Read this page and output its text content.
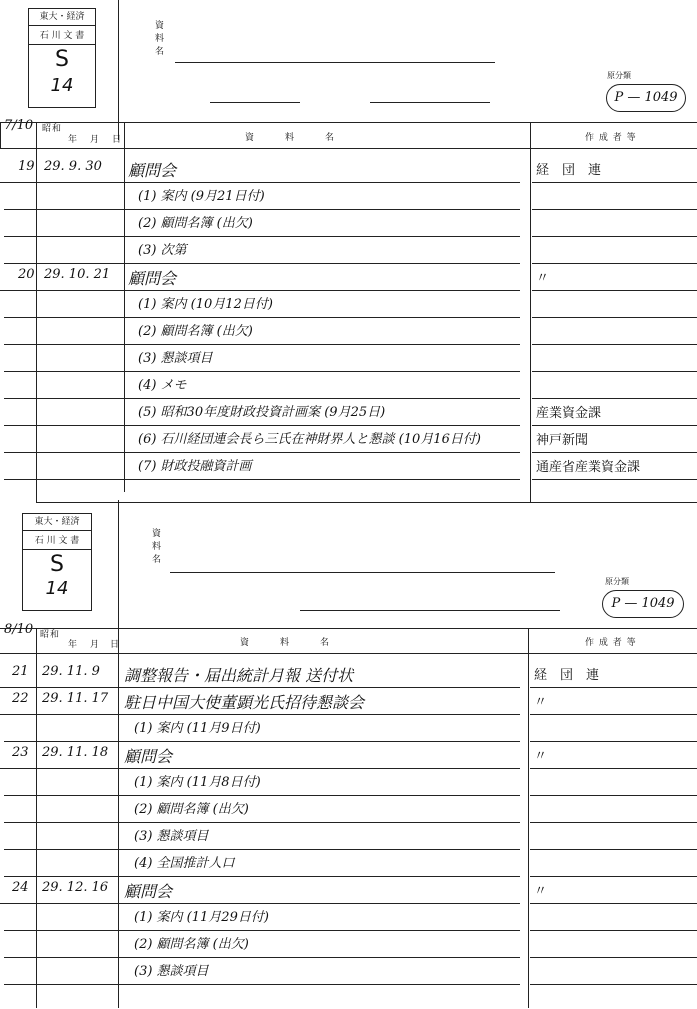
東大・経済
石 川 文 書
S
14
資
料
名
原分類
P — 1049
7/10 昭和
年 月 日	資　　　料　　　名	作 成 者 等
19 29. 9. 30 顧問会	経　団　連
(1) 案内 (9月21日付)
(2) 顧問名簿 (出欠)
(3) 次第
20 29. 10. 21 顧問会	〃
(1) 案内 (10月12日付)
(2) 顧問名簿 (出欠)
(3) 懇談項目
(4) メモ
(5) 昭和30年度財政投資計画案 (9月25日)	産業資金課
(6) 石川経団連会長ら三氏在神財界人と懇談 (10月16日付)	神戸新聞
(7) 財政投融資計画	通産省産業資金課
東大・経済
石 川 文 書
S
14
資
料
名
原分類
P — 1049
8/10 昭和
年 月 日	資　　　料　　　名	作 成 者 等
21 29. 11. 9 調整報告・届出統計月報 送付状	経　団　連
22 29. 11. 17 駐日中国大使董顕光氏招待懇談会	〃
(1) 案内 (11月9日付)
23 29. 11. 18 顧問会	〃
(1) 案内 (11月8日付)
(2) 顧問名簿 (出欠)
(3) 懇談項目
(4) 全国推計人口
24 29. 12. 16 顧問会	〃
(1) 案内 (11月29日付)
(2) 顧問名簿 (出欠)
(3) 懇談項目
